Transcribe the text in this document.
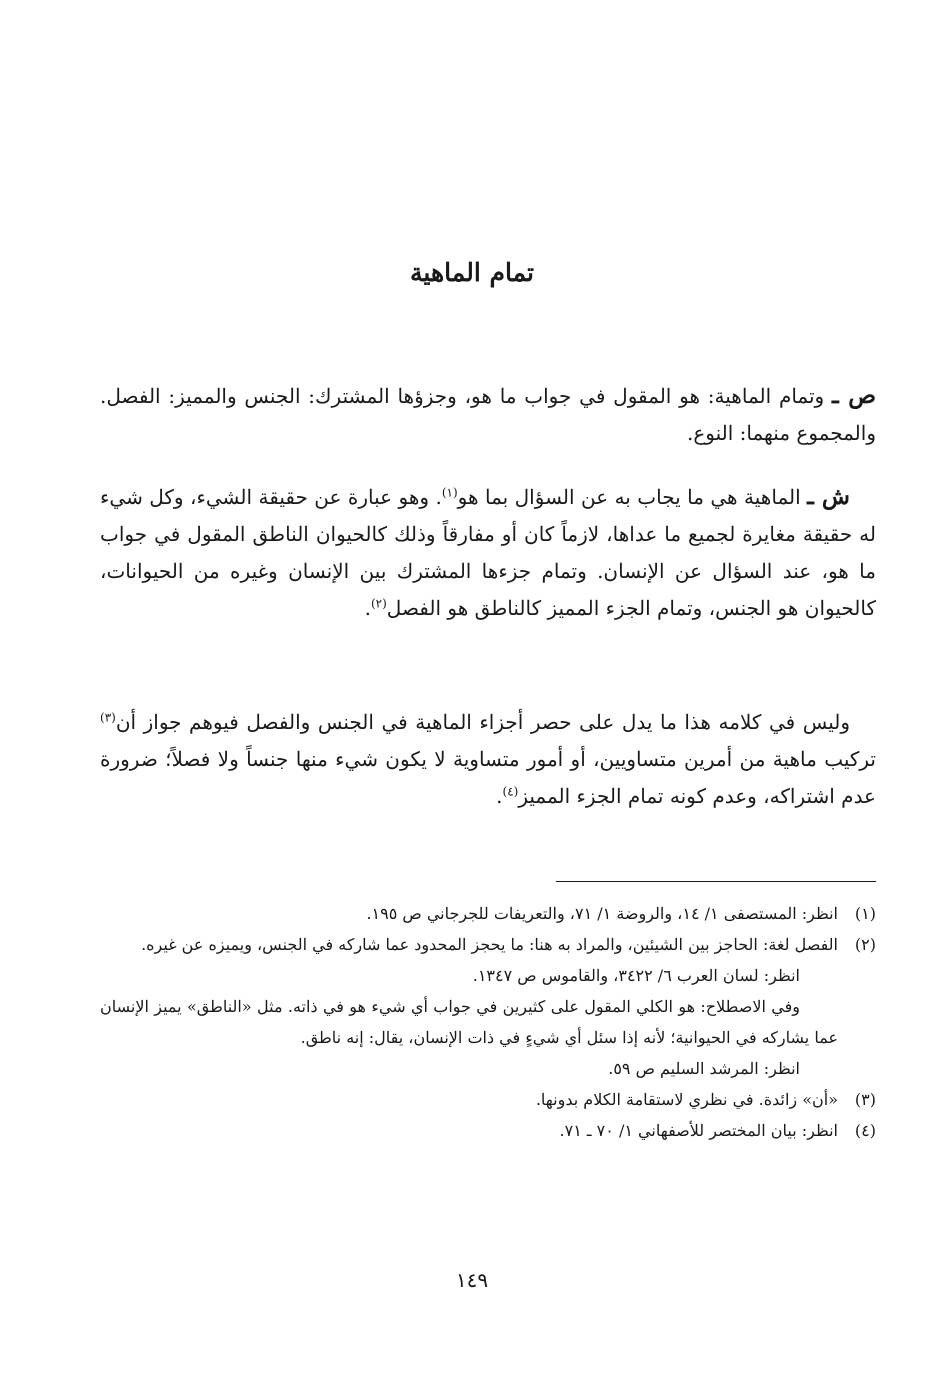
تمام الماهية

ص ـ وتمام الماهية: هو المقول في جواب ما هو، وجزؤها المشترك: الجنس والمميز: الفصل. والمجموع منهما: النوع.

ش ـ الماهية هي ما يجاب به عن السؤال بما هو$^{(١)}$. وهو عبارة عن حقيقة الشيء، وكل شيء له حقيقة مغايرة لجميع ما عداها، لازماً كان أو مفارقاً وذلك كالحيوان الناطق المقول في جواب ما هو، عند السؤال عن الإنسان. وتمام جزءها المشترك بين الإنسان وغيره من الحيوانات، كالحيوان هو الجنس، وتمام الجزء المميز كالناطق هو الفصل$^{(٢)}$.

وليس في كلامه هذا ما يدل على حصر أجزاء الماهية في الجنس والفصل فيوهم جواز أن$^{(٣)}$ تركيب ماهية من أمرين متساويين، أو أمور متساوية لا يكون شيء منها جنساً ولا فصلاً؛ ضرورة عدم اشتراكه، وعدم كونه تمام الجزء المميز$^{(٤)}$.

(١)
انظر: المستصفى ١/ ١٤، والروضة ١/ ٧١، والتعريفات للجرجاني ص ١٩٥.
(٢)
الفصل لغة: الحاجز بين الشيئين، والمراد به هنا: ما يحجز المحدود عما شاركه في الجنس، ويميزه عن غيره.
انظر: لسان العرب ٦/ ٣٤٢٢، والقاموس ص ١٣٤٧.
وفي الاصطلاح: هو الكلي المقول على كثيرين في جواب أي شيء هو في ذاته. مثل «الناطق» يميز الإنسان عما يشاركه في الحيوانية؛ لأنه إذا سئل أي شيءٍ في ذات الإنسان، يقال: إنه ناطق.
انظر: المرشد السليم ص ٥٩.
(٣)
«أن» زائدة. في نظري لاستقامة الكلام بدونها.
(٤)
انظر: بيان المختصر للأصفهاني ١/ ٧٠ ـ ٧١.
١٤٩
